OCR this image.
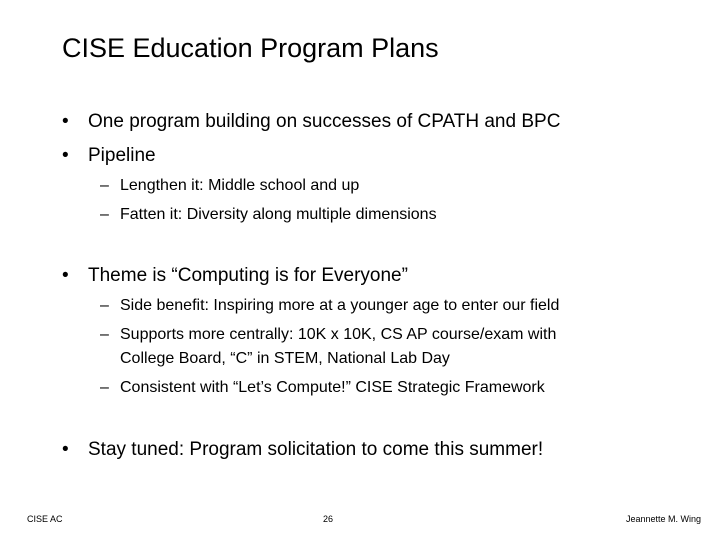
CISE Education Program Plans
• One program building on successes of CPATH and BPC
• Pipeline
– Lengthen it: Middle school and up
– Fatten it: Diversity along multiple dimensions
• Theme is “Computing is for Everyone”
– Side benefit: Inspiring more at a younger age to enter our field
– Supports more centrally: 10K x 10K, CS AP course/exam with
College Board, “C” in STEM, National Lab Day
– Consistent with “Let’s Compute!” CISE Strategic Framework
• Stay tuned: Program solicitation to come this summer!
CISE AC	26	Jeannette M. Wing
